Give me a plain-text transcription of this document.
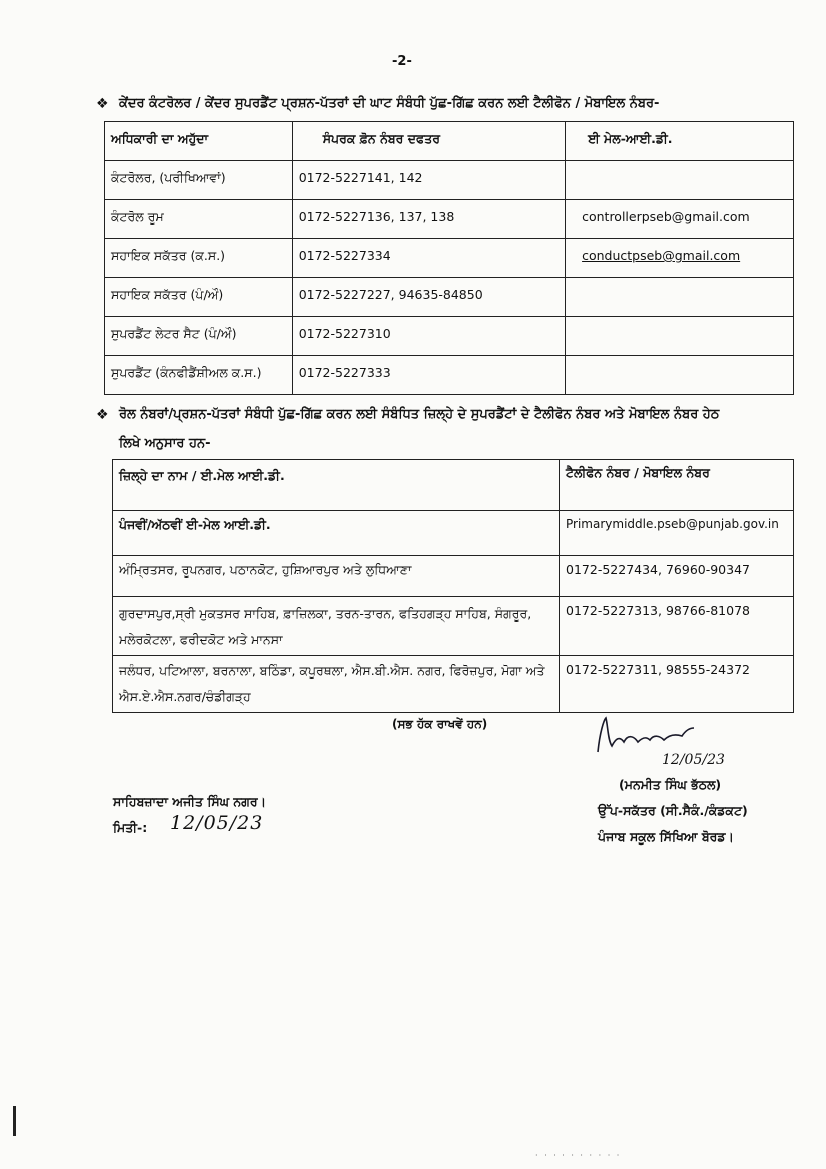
-2-
❖ ਕੇਂਦਰ ਕੰਟਰੋਲਰ / ਕੇਂਦਰ ਸੁਪਰਡੈਂਟ ਪ੍ਰਸ਼ਨ-ਪੱਤਰਾਂ ਦੀ ਘਾਟ ਸੰਬੰਧੀ ਪੁੱਛ-ਗਿੱਛ ਕਰਨ ਲਈ ਟੈਲੀਫੋਨ / ਮੋਬਾਇਲ ਨੰਬਰ-
ਅਧਿਕਾਰੀ ਦਾ ਅਹੁੱਦਾ	ਸੰਪਰਕ ਫ਼ੋਨ ਨੰਬਰ ਦਫਤਰ	ਈ ਮੇਲ-ਆਈ.ਡੀ.
ਕੰਟਰੋਲਰ, (ਪਰੀਖਿਆਵਾਂ)	0172-5227141, 142	
ਕੰਟਰੋਲ ਰੂਮ	0172-5227136, 137, 138	controllerpseb@gmail.com
ਸਹਾਇਕ ਸਕੱਤਰ (ਕ.ਸ.)	0172-5227334	conductpseb@gmail.com
ਸਹਾਇਕ ਸਕੱਤਰ (ਪੰ/ਔ)	0172-5227227, 94635-84850	
ਸੁਪਰਡੈਂਟ ਲੇਟਰ ਸੈਟ (ਪੰ/ਔ)	0172-5227310	
ਸੁਪਰਡੈਂਟ (ਕੰਨਫੀਡੈਂਸ਼ੀਅਲ ਕ.ਸ.)	0172-5227333	
❖ ਰੋਲ ਨੰਬਰਾਂ/ਪ੍ਰਸ਼ਨ-ਪੱਤਰਾਂ ਸੰਬੰਧੀ ਪੁੱਛ-ਗਿੱਛ ਕਰਨ ਲਈ ਸੰਬੰਧਿਤ ਜ਼ਿਲ੍ਹੇ ਦੇ ਸੁਪਰਡੈਂਟਾਂ ਦੇ ਟੈਲੀਫੋਨ ਨੰਬਰ ਅਤੇ ਮੋਬਾਇਲ ਨੰਬਰ ਹੇਠ
ਲਿਖੇ ਅਨੁਸਾਰ ਹਨ-
ਜ਼ਿਲ੍ਹੇ ਦਾ ਨਾਮ / ਈ.ਮੇਲ ਆਈ.ਡੀ.	ਟੈਲੀਫੋਨ ਨੰਬਰ / ਮੋਬਾਇਲ ਨੰਬਰ
ਪੰਜਵੀਂ/ਅੱਠਵੀਂ ਈ-ਮੇਲ ਆਈ.ਡੀ.	Primarymiddle.pseb@punjab.gov.in
ਅੰਮ੍ਰਿਤਸਰ, ਰੂਪਨਗਰ, ਪਠਾਨਕੋਟ, ਹੁਸ਼ਿਆਰਪੁਰ ਅਤੇ ਲੁਧਿਆਣਾ	0172-5227434, 76960-90347
ਗੁਰਦਾਸਪੁਰ,ਸ੍ਰੀ ਮੁਕਤਸਰ ਸਾਹਿਬ, ਫ਼ਾਜ਼ਿਲਕਾ, ਤਰਨ-ਤਾਰਨ, ਫਤਿਹਗੜ੍ਹ ਸਾਹਿਬ, ਸੰਗਰੂਰ, ਮਲੇਰਕੋਟਲਾ, ਫਰੀਦਕੋਟ ਅਤੇ ਮਾਨਸਾ	0172-5227313, 98766-81078
ਜਲੰਧਰ, ਪਟਿਆਲਾ, ਬਰਨਾਲਾ, ਬਠਿੰਡਾ, ਕਪੂਰਥਲਾ, ਐਸ.ਬੀ.ਐਸ. ਨਗਰ, ਫਿਰੋਜ਼ਪੁਰ, ਮੋਗਾ ਅਤੇ ਐਸ.ਏ.ਐਸ.ਨਗਰ/ਚੰਡੀਗੜ੍ਹ	0172-5227311, 98555-24372
(ਸਭ ਹੱਕ ਰਾਖਵੇਂ ਹਨ)
12/05/23
(ਮਨਮੀਤ ਸਿੰਘ ਭੱਠਲ)
ਉੱਪ-ਸਕੱਤਰ (ਸੀ.ਸੈਕੰ./ਕੰਡਕਟ)
ਪੰਜਾਬ ਸਕੂਲ ਸਿੱਖਿਆ ਬੋਰਡ।
ਸਾਹਿਬਜ਼ਾਦਾ ਅਜੀਤ ਸਿੰਘ ਨਗਰ।
ਮਿਤੀ-: 12/05/23
· · · · · · · · · ·
